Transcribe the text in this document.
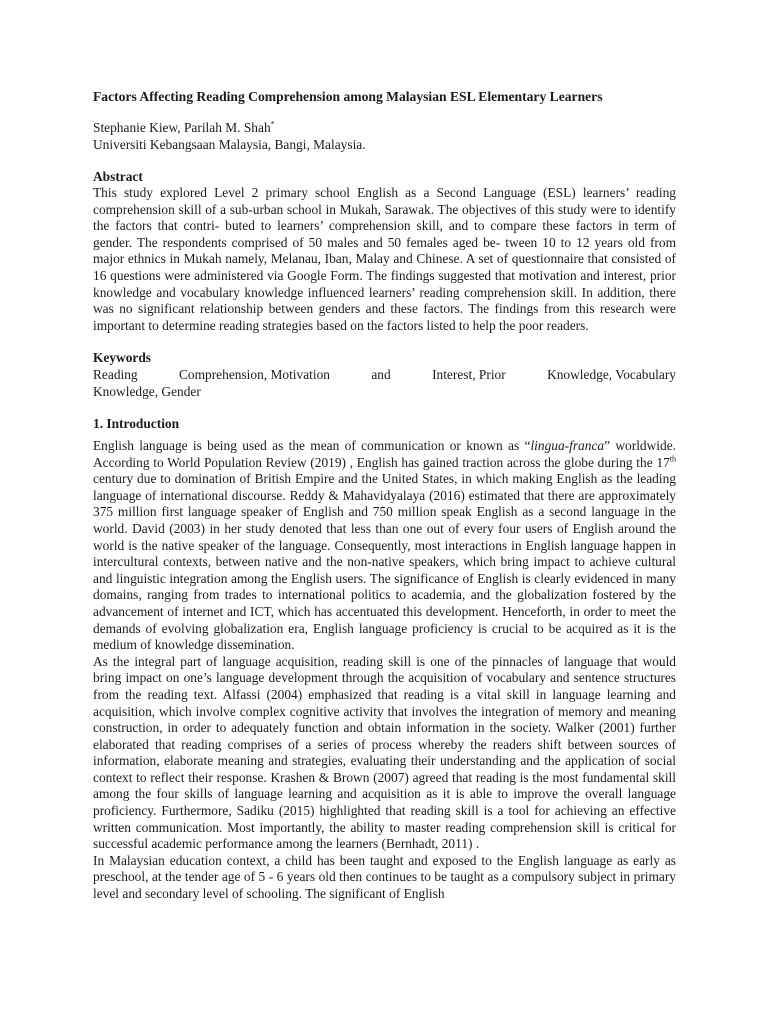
Factors Affecting Reading Comprehension among Malaysian ESL Elementary Learners
Stephanie Kiew, Parilah M. Shah*
Universiti Kebangsaan Malaysia, Bangi, Malaysia.
Abstract
This study explored Level 2 primary school English as a Second Language (ESL) learners’ reading comprehension skill of a sub-urban school in Mukah, Sarawak. The objectives of this study were to identify the factors that contri- buted to learners’ comprehension skill, and to compare these factors in term of gender. The respondents comprised of 50 males and 50 females aged be- tween 10 to 12 years old from major ethnics in Mukah namely, Melanau, Iban, Malay and Chinese. A set of questionnaire that consisted of 16 questions were administered via Google Form. The findings suggested that motivation and interest, prior knowledge and vocabulary knowledge influenced learners’ reading comprehension skill. In addition, there was no significant relationship between genders and these factors. The findings from this research were important to determine reading strategies based on the factors listed to help the poor readers.
Keywords
Reading	Comprehension, Motivation	and	Interest, Prior	Knowledge, Vocabulary
Knowledge, Gender
1. Introduction

English language is being used as the mean of communication or known as “lingua-franca” worldwide. According to World Population Review (2019) , English has gained traction across the globe during the 17th century due to domination of British Empire and the United States, in which making English as the leading language of international discourse. Reddy & Mahavidyalaya (2016) estimated that there are approximately 375 million first language speaker of English and 750 million speak English as a second language in the world. David (2003) in her study denoted that less than one out of every four users of English around the world is the native speaker of the language. Consequently, most interactions in English language happen in intercultural contexts, between native and the non-native speakers, which bring impact to achieve cultural and linguistic integration among the English users. The significance of English is clearly evidenced in many domains, ranging from trades to international politics to academia, and the globalization fostered by the advancement of internet and ICT, which has accentuated this development. Henceforth, in order to meet the demands of evolving globalization era, English language proficiency is crucial to be acquired as it is the medium of knowledge dissemination.

As the integral part of language acquisition, reading skill is one of the pinnacles of language that would bring impact on one’s language development through the acquisition of vocabulary and sentence structures from the reading text. Alfassi (2004) emphasized that reading is a vital skill in language learning and acquisition, which involve complex cognitive activity that involves the integration of memory and meaning construction, in order to adequately function and obtain information in the society. Walker (2001) further elaborated that reading comprises of a series of process whereby the readers shift between sources of information, elaborate meaning and strategies, evaluating their understanding and the application of social context to reflect their response. Krashen & Brown (2007) agreed that reading is the most fundamental skill among the four skills of language learning and acquisition as it is able to improve the overall language proficiency. Furthermore, Sadiku (2015) highlighted that reading skill is a tool for achieving an effective written communication. Most importantly, the ability to master reading comprehension skill is critical for successful academic performance among the learners (Bernhadt, 2011) .

In Malaysian education context, a child has been taught and exposed to the English language as early as preschool, at the tender age of 5 - 6 years old then continues to be taught as a compulsory subject in primary level and secondary level of schooling. The significant of English
